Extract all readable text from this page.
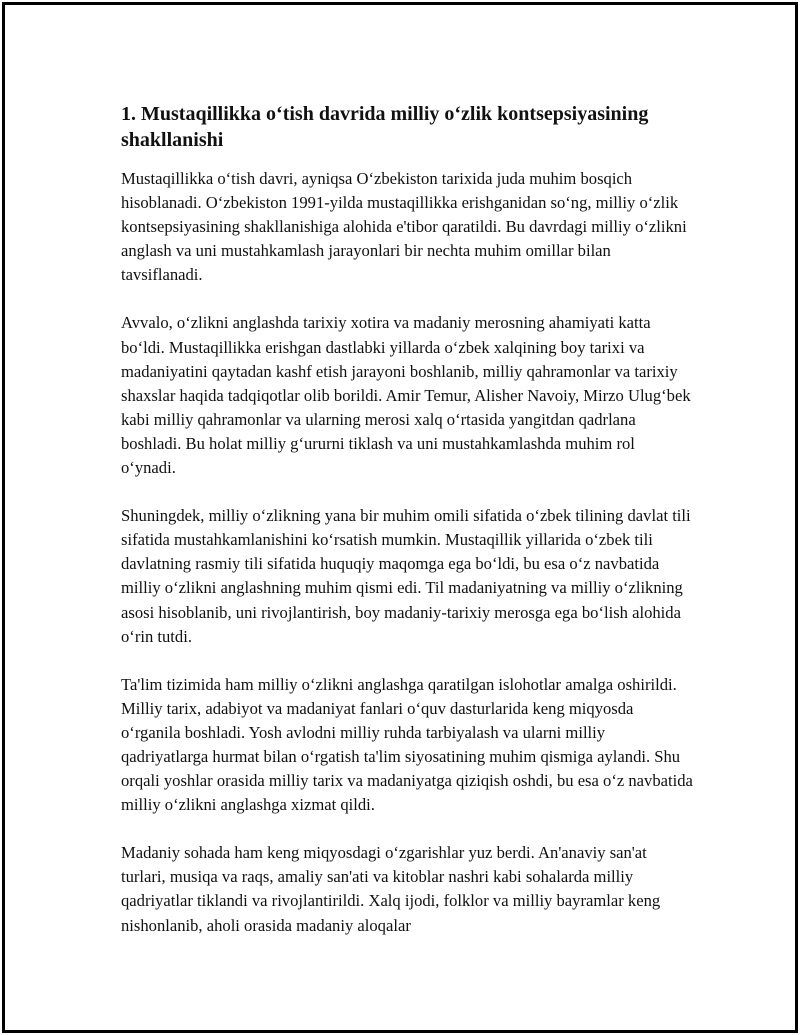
1. Mustaqillikka o‘tish davrida milliy o‘zlik kontsepsiyasining shakllanishi

Mustaqillikka o‘tish davri, ayniqsa O‘zbekiston tarixida juda muhim bosqich hisoblanadi. O‘zbekiston 1991-yilda mustaqillikka erishganidan so‘ng, milliy o‘zlik kontsepsiyasining shakllanishiga alohida e'tibor qaratildi. Bu davrdagi milliy o‘zlikni anglash va uni mustahkamlash jarayonlari bir nechta muhim omillar bilan tavsiflanadi.

Avvalo, o‘zlikni anglashda tarixiy xotira va madaniy merosning ahamiyati katta bo‘ldi. Mustaqillikka erishgan dastlabki yillarda o‘zbek xalqining boy tarixi va madaniyatini qaytadan kashf etish jarayoni boshlanib, milliy qahramonlar va tarixiy shaxslar haqida tadqiqotlar olib borildi. Amir Temur, Alisher Navoiy, Mirzo Ulug‘bek kabi milliy qahramonlar va ularning merosi xalq o‘rtasida yangitdan qadrlana boshladi. Bu holat milliy g‘ururni tiklash va uni mustahkamlashda muhim rol o‘ynadi.

Shuningdek, milliy o‘zlikning yana bir muhim omili sifatida o‘zbek tilining davlat tili sifatida mustahkamlanishini ko‘rsatish mumkin. Mustaqillik yillarida o‘zbek tili davlatning rasmiy tili sifatida huquqiy maqomga ega bo‘ldi, bu esa o‘z navbatida milliy o‘zlikni anglashning muhim qismi edi. Til madaniyatning va milliy o‘zlikning asosi hisoblanib, uni rivojlantirish, boy madaniy-tarixiy merosga ega bo‘lish alohida o‘rin tutdi.

Ta'lim tizimida ham milliy o‘zlikni anglashga qaratilgan islohotlar amalga oshirildi. Milliy tarix, adabiyot va madaniyat fanlari o‘quv dasturlarida keng miqyosda o‘rganila boshladi. Yosh avlodni milliy ruhda tarbiyalash va ularni milliy qadriyatlarga hurmat bilan o‘rgatish ta'lim siyosatining muhim qismiga aylandi. Shu orqali yoshlar orasida milliy tarix va madaniyatga qiziqish oshdi, bu esa o‘z navbatida milliy o‘zlikni anglashga xizmat qildi.

Madaniy sohada ham keng miqyosdagi o‘zgarishlar yuz berdi. An'anaviy san'at turlari, musiqa va raqs, amaliy san'ati va kitoblar nashri kabi sohalarda milliy qadriyatlar tiklandi va rivojlantirildi. Xalq ijodi, folklor va milliy bayramlar keng nishonlanib, aholi orasida madaniy aloqalar
